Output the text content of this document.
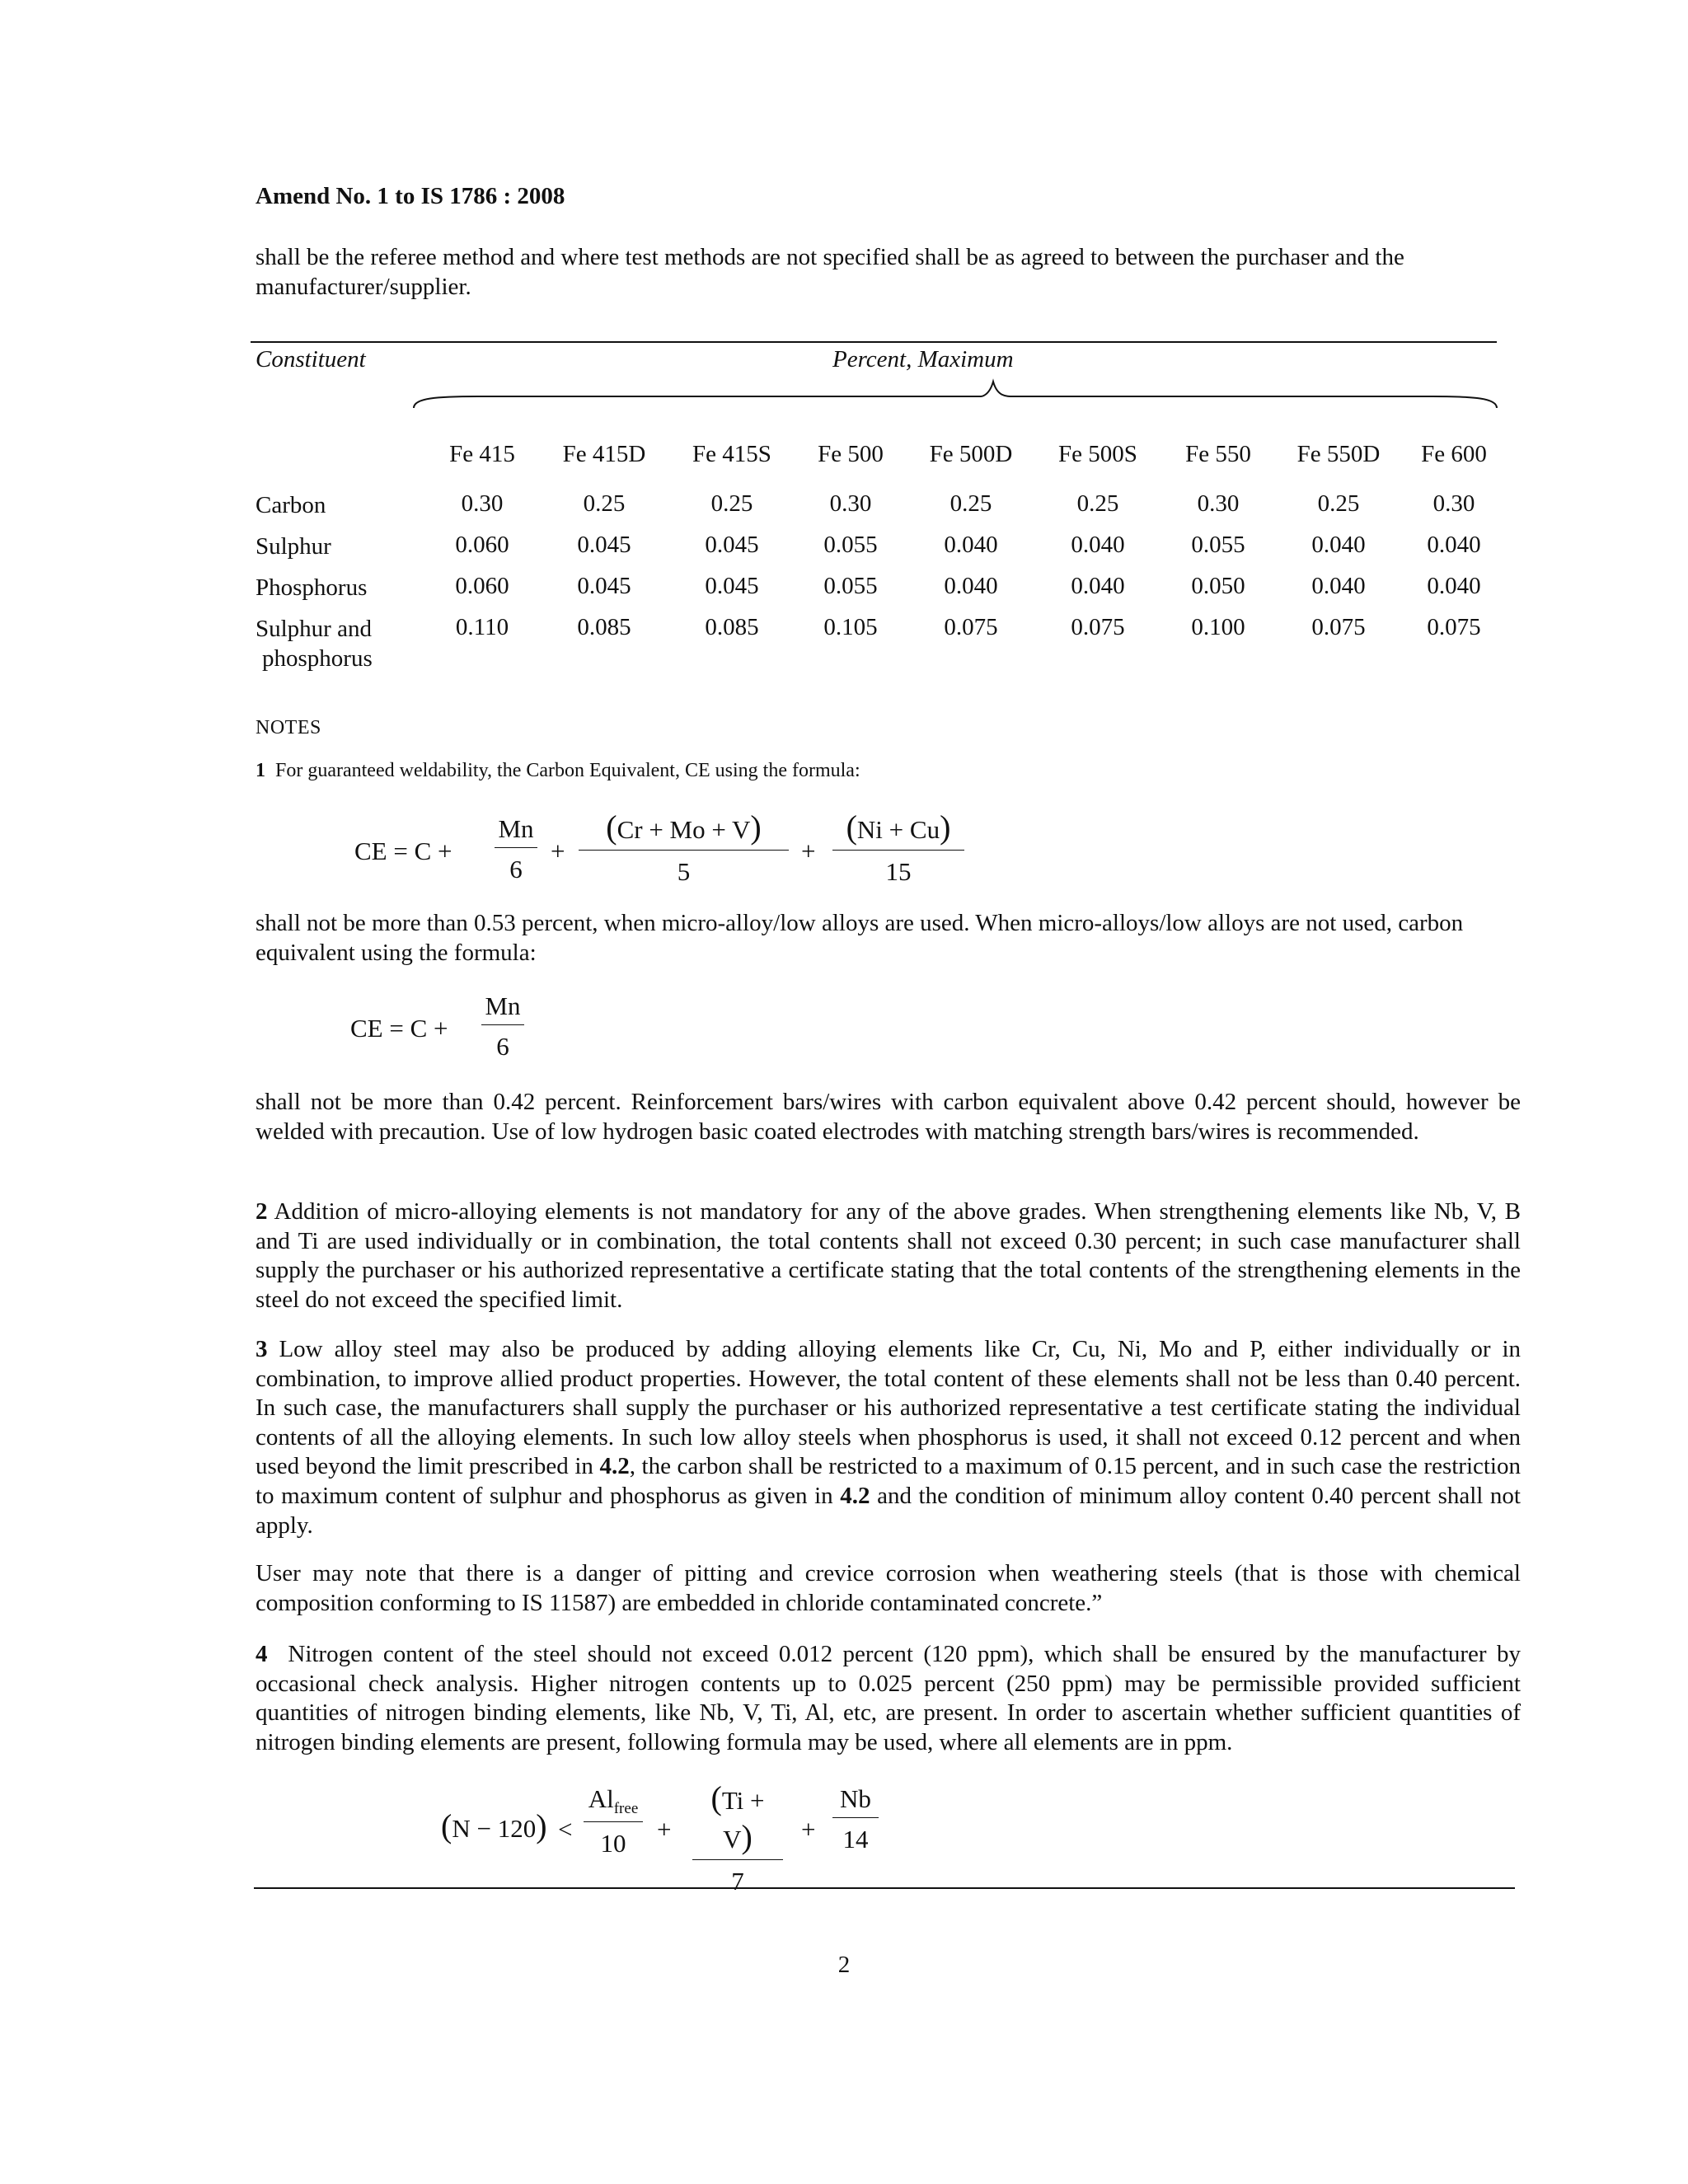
Amend No. 1 to IS 1786 : 2008
shall be the referee method and where test methods are not specified shall be as agreed to between the purchaser and the manufacturer/supplier.
Constituent	Percent, Maximum
Fe 415 Fe 415D Fe 415S Fe 500 Fe 500D Fe 500S Fe 550 Fe 550D Fe 600
Carbon	0.30	0.25	0.25	0.30	0.25	0.25	0.30	0.25	0.30
Sulphur	0.060	0.045	0.045	0.055	0.040	0.040	0.055	0.040	0.040
Phosphorus	0.060	0.045	0.045	0.055	0.040	0.040	0.050	0.040	0.040
Sulphur and
phosphorus
0.110	0.085	0.085	0.105	0.075	0.075	0.100	0.075	0.075
NOTES
1 For guaranteed weldability, the Carbon Equivalent, CE using the formula:
CE = $C + \frac{Mn}{6} + \frac{(Cr + Mo + V)}{5} + \frac{(Ni + Cu)}{15}$
shall not be more than 0.53 percent, when micro-alloy/low alloys are used. When micro-alloys/low alloys are not used, carbon equivalent using the formula:
CE = $C + \frac{Mn}{6}$
shall not be more than 0.42 percent. Reinforcement bars/wires with carbon equivalent above 0.42 percent should, however be welded with precaution. Use of low hydrogen basic coated electrodes with matching strength bars/wires is recommended.
2 Addition of micro-alloying elements is not mandatory for any of the above grades. When strengthening elements like Nb, V, B and Ti are used individually or in combination, the total contents shall not exceed 0.30 percent; in such case manufacturer shall supply the purchaser or his authorized representative a certificate stating that the total contents of the strengthening elements in the steel do not exceed the specified limit.
3 Low alloy steel may also be produced by adding alloying elements like Cr, Cu, Ni, Mo and P, either individually or in combination, to improve allied product properties. However, the total content of these elements shall not be less than 0.40 percent. In such case, the manufacturers shall supply the purchaser or his authorized representative a test certificate stating the individual contents of all the alloying elements. In such low alloy steels when phosphorus is used, it shall not exceed 0.12 percent and when used beyond the limit prescribed in 4.2, the carbon shall be restricted to a maximum of 0.15 percent, and in such case the restriction to maximum content of sulphur and phosphorus as given in 4.2 and the condition of minimum alloy content 0.40 percent shall not apply.
User may note that there is a danger of pitting and crevice corrosion when weathering steels (that is those with chemical composition conforming to IS 11587) are embedded in chloride contaminated concrete.”
4 Nitrogen content of the steel should not exceed 0.012 percent (120 ppm), which shall be ensured by the manufacturer by occasional check analysis. Higher nitrogen contents up to 0.025 percent (250 ppm) may be permissible provided sufficient quantities of nitrogen binding elements, like Nb, V, Ti, Al, etc, are present. In order to ascertain whether sufficient quantities of nitrogen binding elements are present, following formula may be used, where all elements are in ppm.
(N − 120) <
$Al_{free}$
10	+ $\frac{(Ti + V)}{7} + \frac{Nb}{14}$
2
